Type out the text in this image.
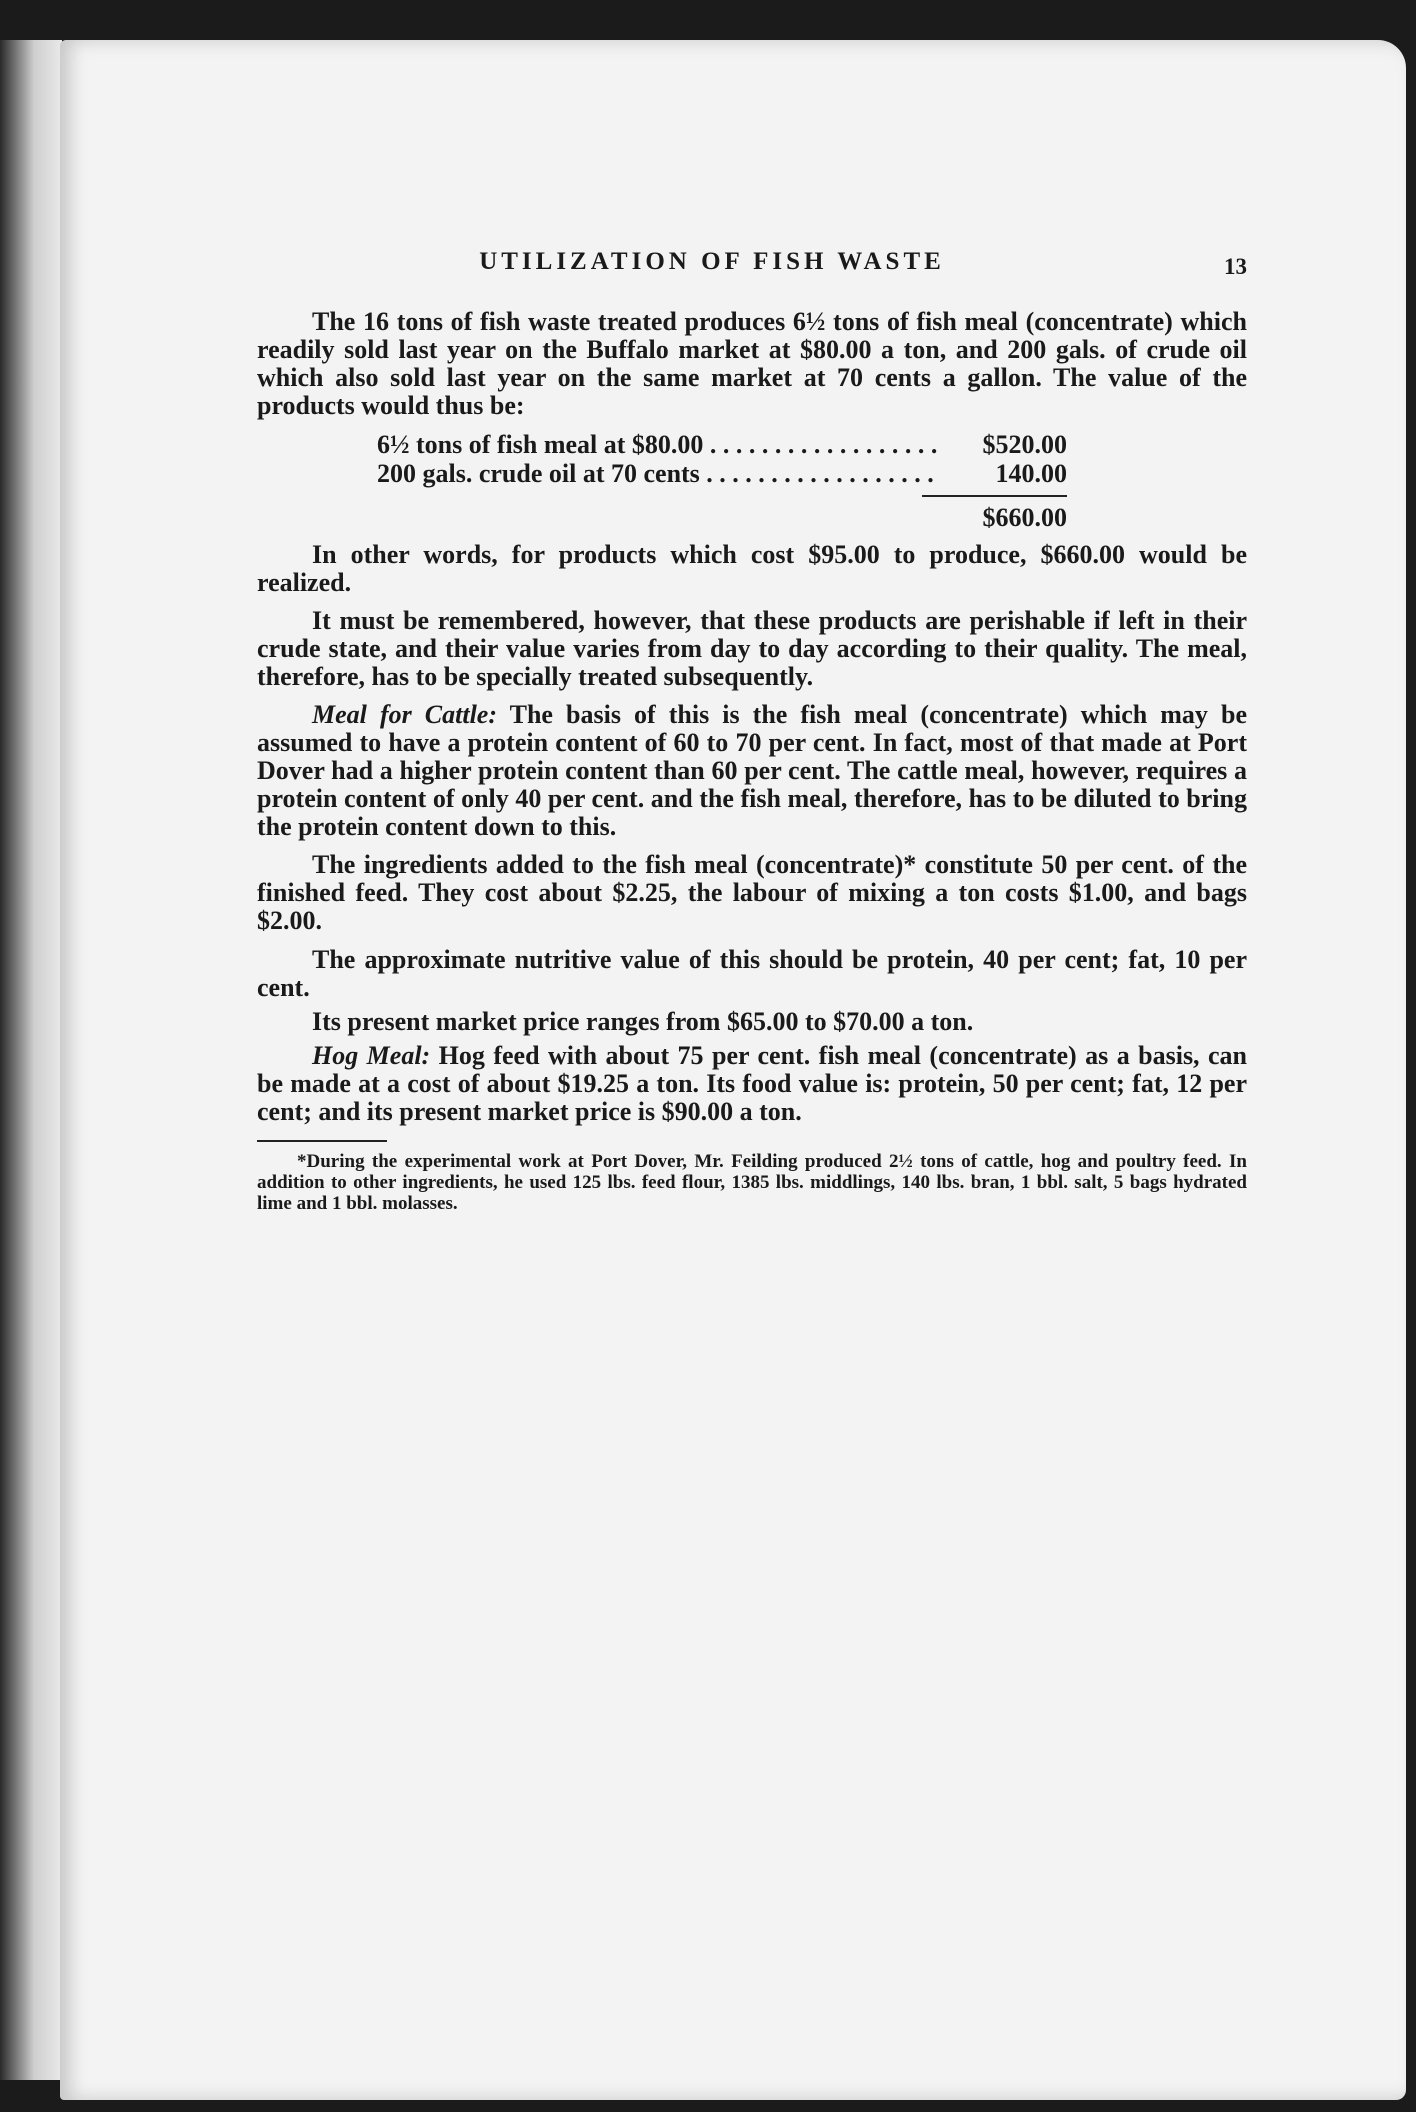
UTILIZATION OF FISH WASTE	13

The 16 tons of fish waste treated produces 6½ tons of fish meal (concentrate) which readily sold last year on the Buffalo market at $80.00 a ton, and 200 gals. of crude oil which also sold last year on the same market at 70 cents a gallon. The value of the products would thus be:

6½ tons of fish meal at $80.00 . . . . . . . . . . . . . . . . . .	$520.00
200 gals. crude oil at 70 cents . . . . . . . . . . . . . . . . . .	140.00
$660.00

In other words, for products which cost $95.00 to produce, $660.00 would be realized.

It must be remembered, however, that these products are perishable if left in their crude state, and their value varies from day to day according to their quality. The meal, therefore, has to be specially treated subsequently.

Meal for Cattle: The basis of this is the fish meal (concentrate) which may be assumed to have a protein content of 60 to 70 per cent. In fact, most of that made at Port Dover had a higher protein content than 60 per cent. The cattle meal, however, requires a protein content of only 40 per cent. and the fish meal, therefore, has to be diluted to bring the protein content down to this.

The ingredients added to the fish meal (concentrate)* constitute 50 per cent. of the finished feed. They cost about $2.25, the labour of mixing a ton costs $1.00, and bags $2.00.

The approximate nutritive value of this should be protein, 40 per cent; fat, 10 per cent.

Its present market price ranges from $65.00 to $70.00 a ton.

Hog Meal: Hog feed with about 75 per cent. fish meal (concentrate) as a basis, can be made at a cost of about $19.25 a ton. Its food value is: protein, 50 per cent; fat, 12 per cent; and its present market price is $90.00 a ton.

*During the experimental work at Port Dover, Mr. Feilding produced 2½ tons of cattle, hog and poultry feed. In addition to other ingredients, he used 125 lbs. feed flour, 1385 lbs. middlings, 140 lbs. bran, 1 bbl. salt, 5 bags hydrated lime and 1 bbl. molasses.
